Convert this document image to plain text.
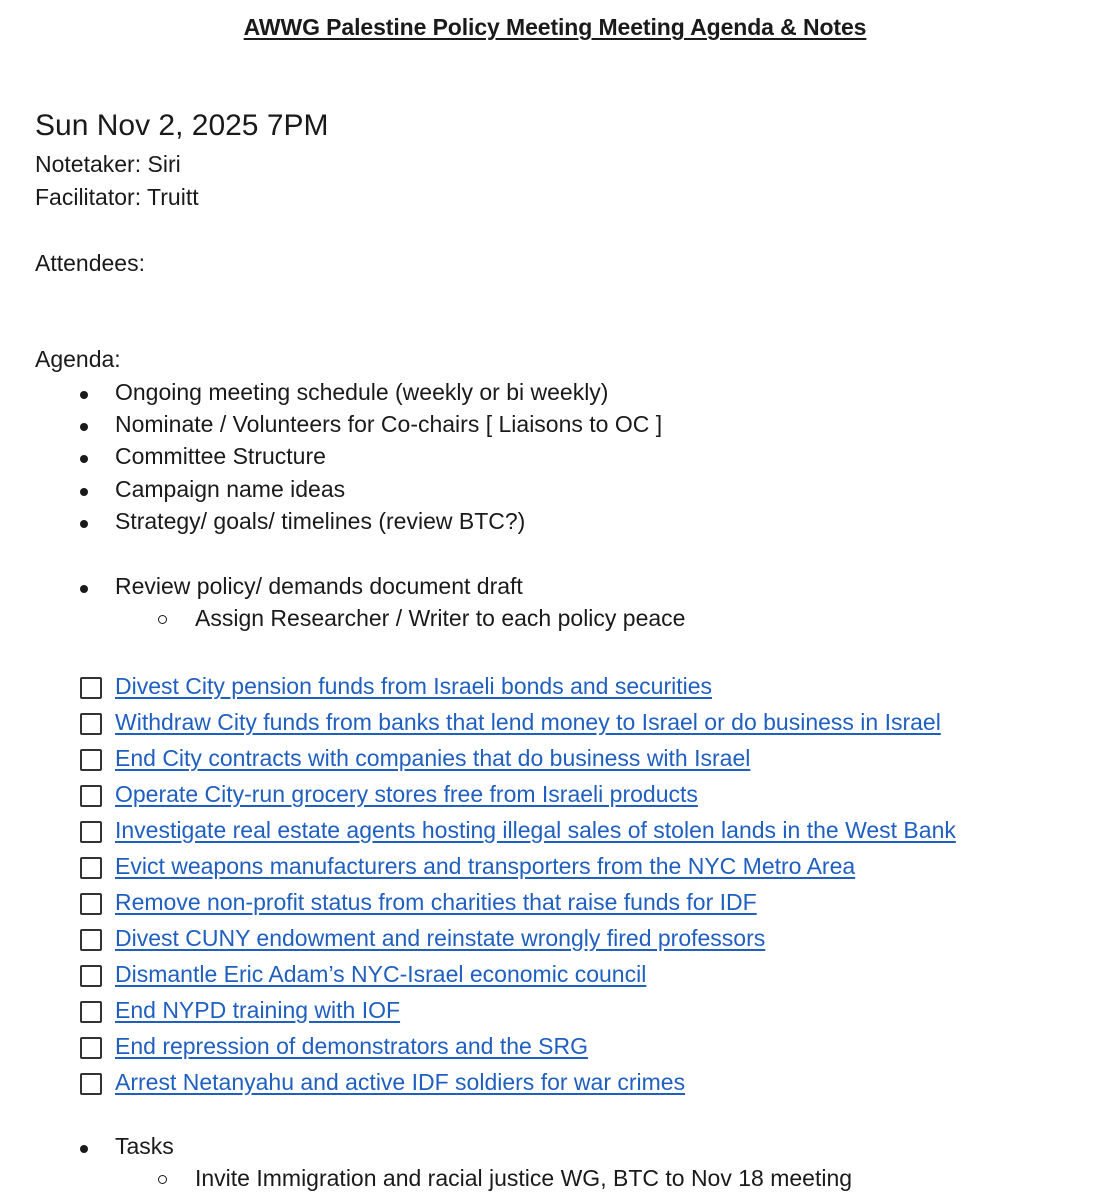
AWWG Palestine Policy Meeting Meeting Agenda & Notes
Sun Nov 2, 2025 7PM
Notetaker: Siri
Facilitator: Truitt
Attendees:
Agenda:
Ongoing meeting schedule (weekly or bi weekly)
Nominate / Volunteers for Co-chairs [ Liaisons to OC ]
Committee Structure
Campaign name ideas
Strategy/ goals/ timelines (review BTC?)
Review policy/ demands document draft
Assign Researcher / Writer to each policy peace
Divest City pension funds from Israeli bonds and securities
Withdraw City funds from banks that lend money to Israel or do business in Israel
End City contracts with companies that do business with Israel
Operate City-run grocery stores free from Israeli products
Investigate real estate agents hosting illegal sales of stolen lands in the West Bank
Evict weapons manufacturers and transporters from the NYC Metro Area
Remove non-profit status from charities that raise funds for IDF
Divest CUNY endowment and reinstate wrongly fired professors
Dismantle Eric Adam’s NYC-Israel economic council
End NYPD training with IOF
End repression of demonstrators and the SRG
Arrest Netanyahu and active IDF soldiers for war crimes
Tasks
Invite Immigration and racial justice WG, BTC to Nov 18 meeting
